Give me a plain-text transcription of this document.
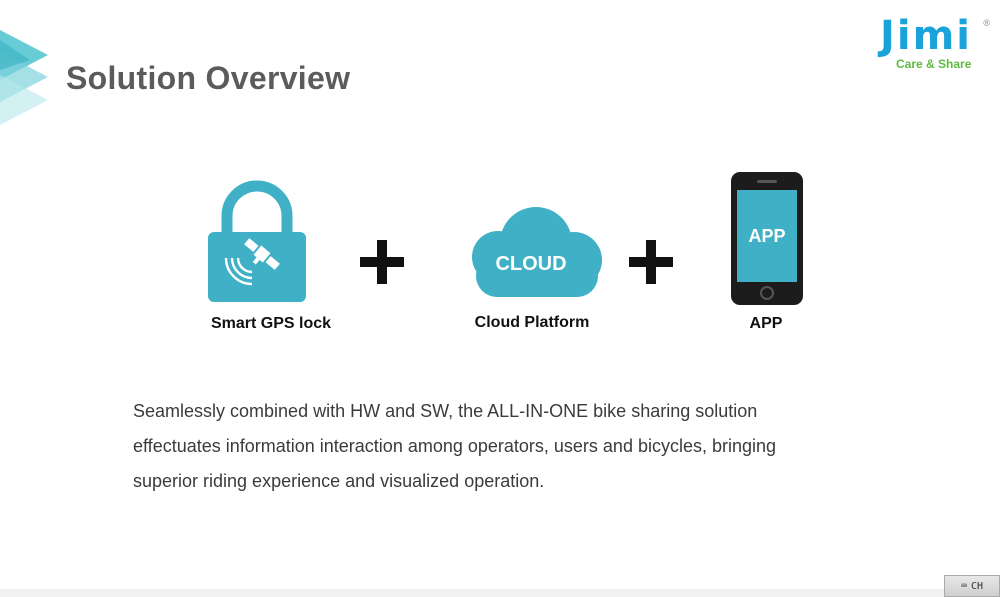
Solution Overview
Jimi ®
Care & Share
Smart GPS lock
CLOUD
Cloud Platform
APP
APP

Seamlessly combined with HW and SW, the ALL-IN-ONE bike sharing solution
effectuates information interaction among operators, users and bicycles, bringing
superior riding experience and visualized operation.

⌨ CH
